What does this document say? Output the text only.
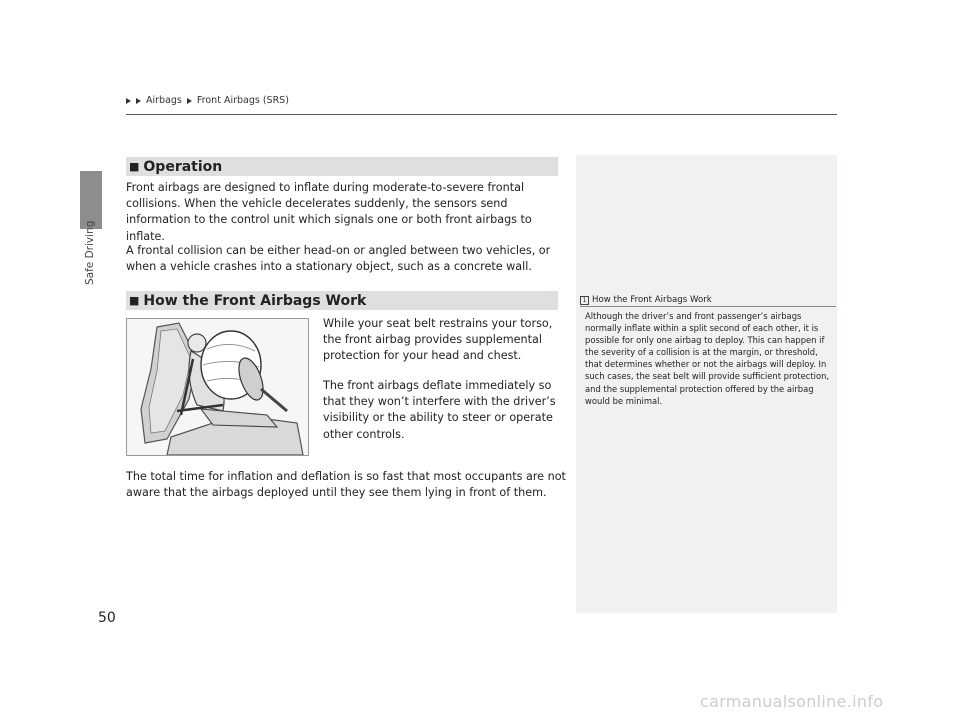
Safe Driving
Airbags Front Airbags (SRS)
■ Operation

Front airbags are designed to inflate during moderate-to-severe frontal collisions. When the vehicle decelerates suddenly, the sensors send information to the control unit which signals one or both front airbags to inflate.

A frontal collision can be either head-on or angled between two vehicles, or when a vehicle crashes into a stationary object, such as a concrete wall.

■ How the Front Airbags Work

While your seat belt restrains your torso, the front airbag provides supplemental protection for your head and chest.

The front airbags deflate immediately so that they won’t interfere with the driver’s visibility or the ability to steer or operate other controls.

The total time for inflation and deflation is so fast that most occupants are not aware that the airbags deployed until they see them lying in front of them.

1 How the Front Airbags Work

Although the driver’s and front passenger’s airbags normally inflate within a split second of each other, it is possible for only one airbag to deploy. This can happen if the severity of a collision is at the margin, or threshold, that determines whether or not the airbags will deploy. In such cases, the seat belt will provide sufficient protection, and the supplemental protection offered by the airbag would be minimal.

50
carmanualsonline.info
